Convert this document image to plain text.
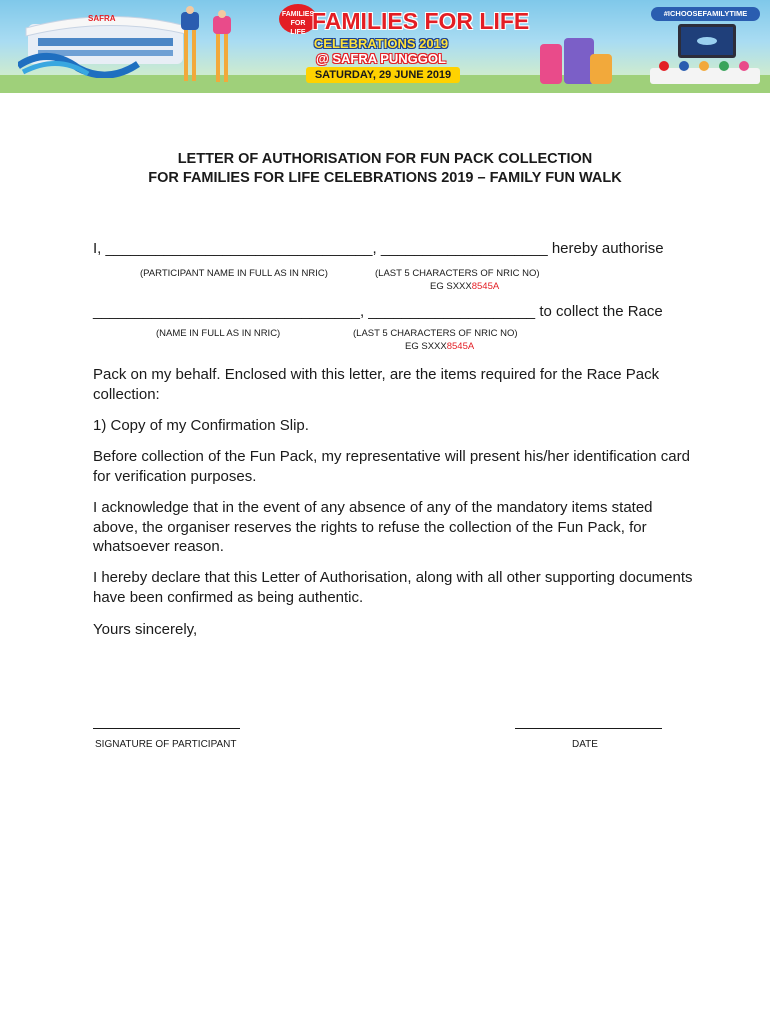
SAFRA	FAMILIES
FOR
LIFE FAMILIES FOR LIFE
CELEBRATIONS 2019
@ SAFRA PUNGGOL
SATURDAY, 29 JUNE 2019
#ICHOOSEFAMILYTIME
LETTER OF AUTHORISATION FOR FUN PACK COLLECTION
FOR FAMILIES FOR LIFE CELEBRATIONS 2019 – FAMILY FUN WALK
I, ________________________________, ____________________ hereby authorise
(PARTICIPANT NAME IN FULL AS IN NRIC)	(LAST 5 CHARACTERS OF NRIC NO)
EG SXXX8545A
________________________________, ____________________ to collect the Race
(NAME IN FULL AS IN NRIC)	(LAST 5 CHARACTERS OF NRIC NO)
EG SXXX8545A

Pack on my behalf. Enclosed with this letter, are the items required for the Race Pack collection:

1) Copy of my Confirmation Slip.

Before collection of the Fun Pack, my representative will present his/her identification card for verification purposes.

I acknowledge that in the event of any absence of any of the mandatory items stated above, the organiser reserves the rights to refuse the collection of the Fun Pack, for whatsoever reason.

I hereby declare that this Letter of Authorisation, along with all other supporting documents have been confirmed as being authentic.

Yours sincerely,

SIGNATURE OF PARTICIPANT	DATE
